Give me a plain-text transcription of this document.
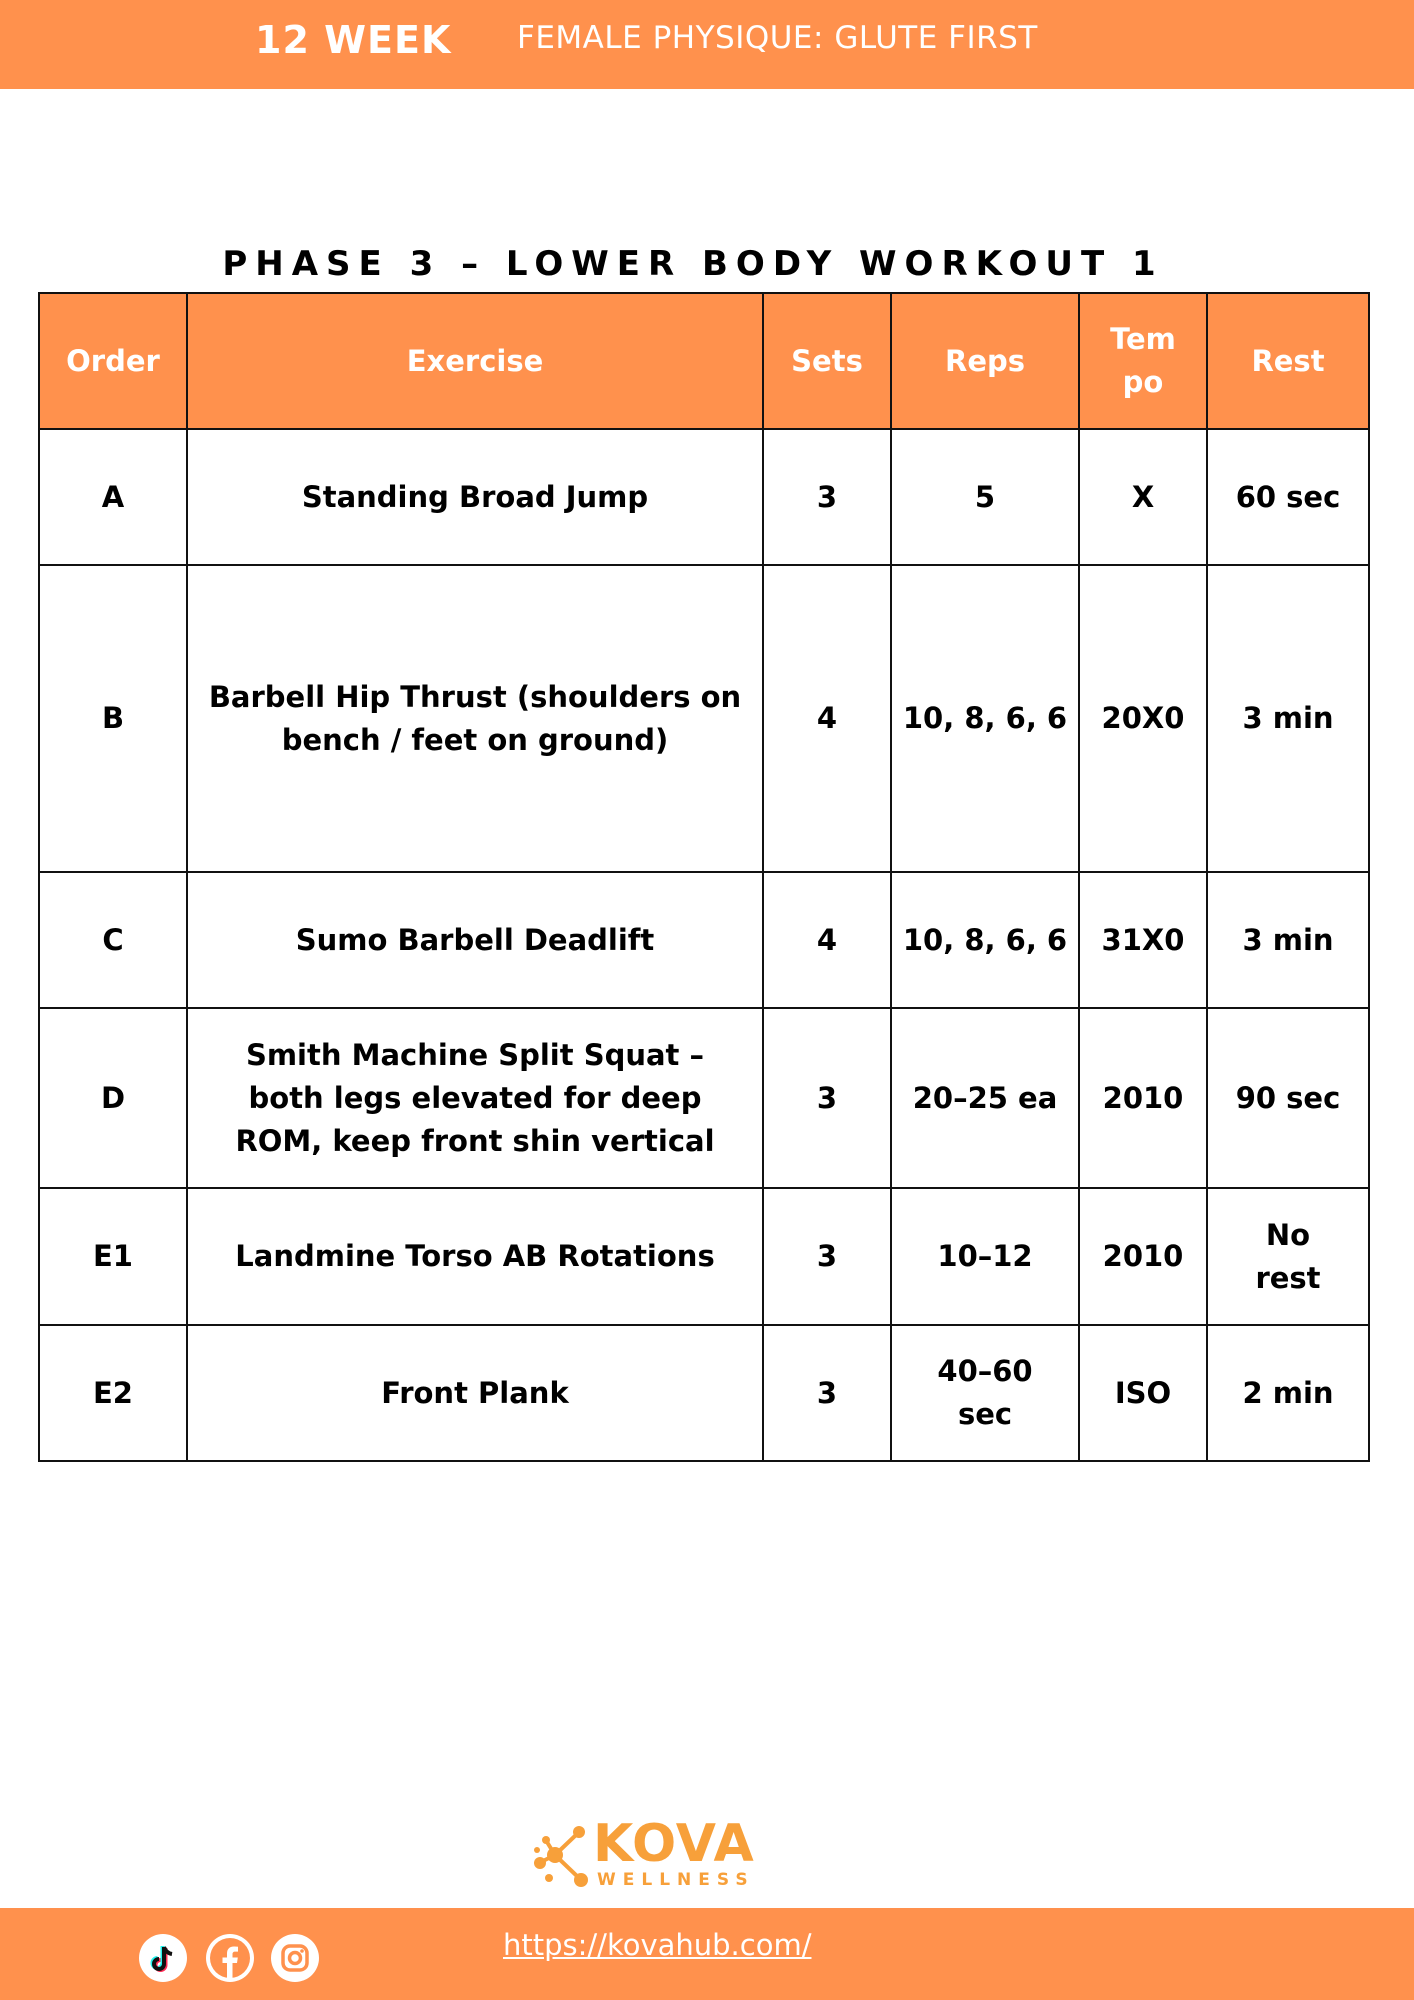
12 WEEK FEMALE PHYSIQUE: GLUTE FIRST
PHASE 3 – LOWER BODY WORKOUT 1
Order	Exercise	Sets	Reps	Tem po	Rest
A	Standing Broad Jump	3	5	X	60 sec
B	Barbell Hip Thrust (shoulders on bench / feet on ground)	4	10, 8, 6, 6	20X0	3 min
C	Sumo Barbell Deadlift	4	10, 8, 6, 6	31X0	3 min
D	Smith Machine Split Squat – both legs elevated for deep ROM, keep front shin vertical	3	20–25 ea	2010	90 sec
E1	Landmine Torso AB Rotations	3	10–12	2010	No rest
E2	Front Plank	3	40–60 sec	ISO	2 min
KOVA
WELLNESS
https://kovahub.com/
